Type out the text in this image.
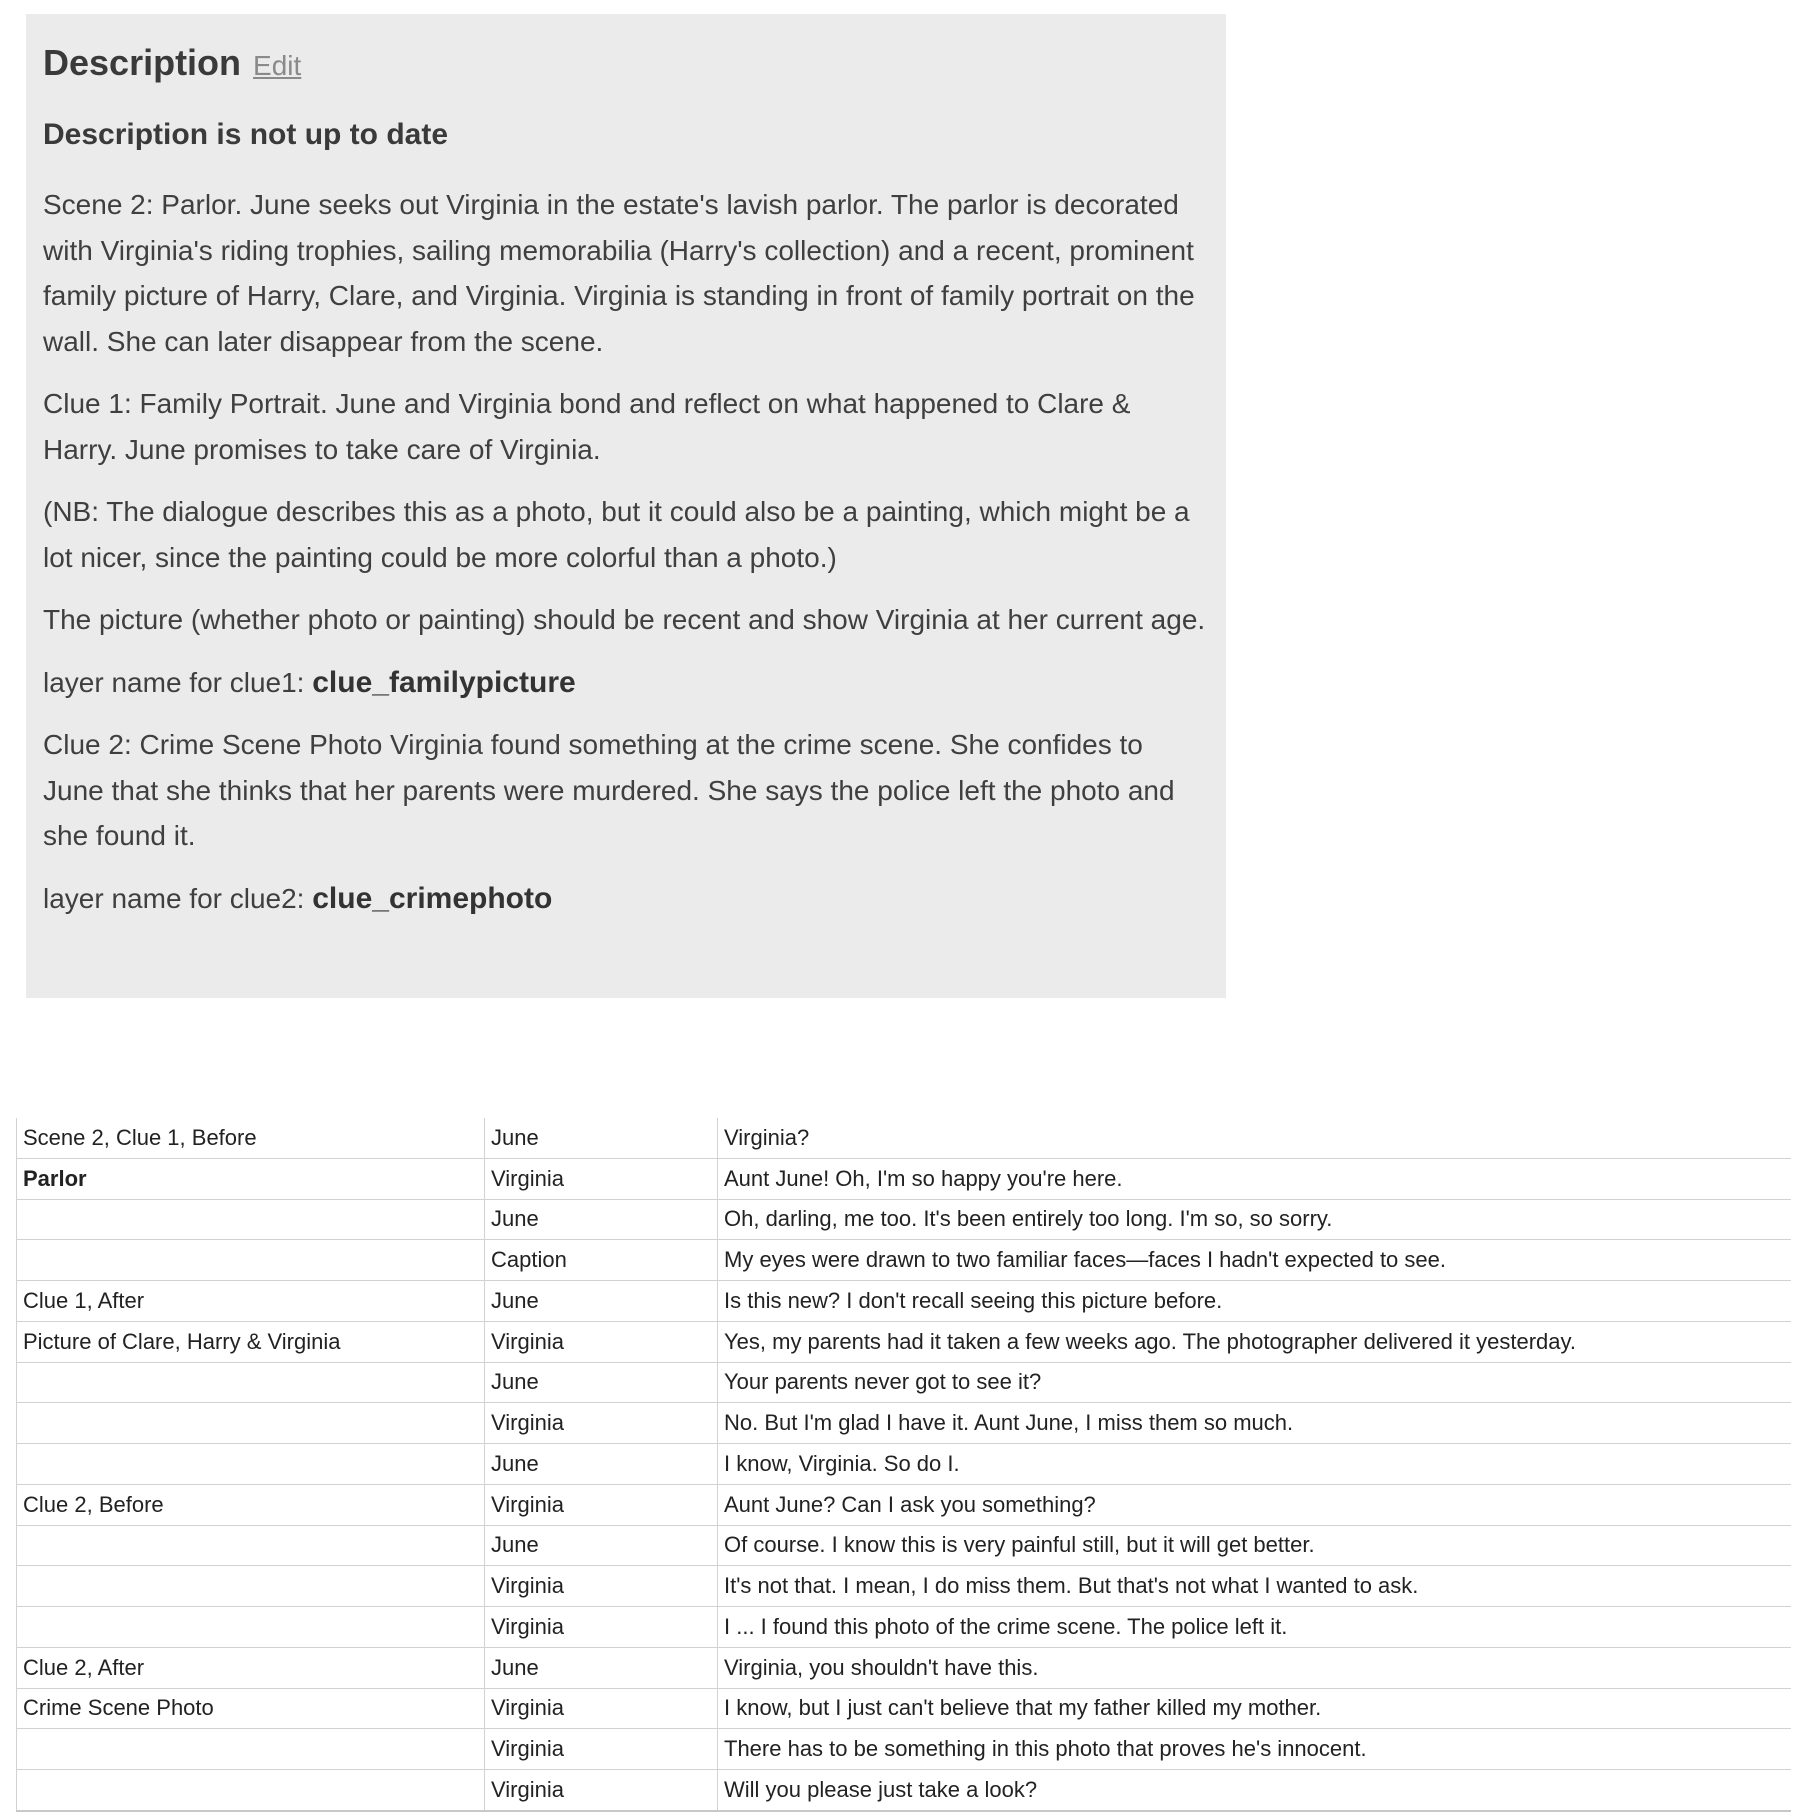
Description Edit
Description is not up to date

Scene 2: Parlor. June seeks out Virginia in the estate's lavish parlor. The parlor is decorated with Virginia's riding trophies, sailing memorabilia (Harry's collection) and a recent, prominent family picture of Harry, Clare, and Virginia. Virginia is standing in front of family portrait on the wall. She can later disappear from the scene.

Clue 1: Family Portrait. June and Virginia bond and reflect on what happened to Clare & Harry. June promises to take care of Virginia.

(NB: The dialogue describes this as a photo, but it could also be a painting, which might be a lot nicer, since the painting could be more colorful than a photo.)

The picture (whether photo or painting) should be recent and show Virginia at her current age.

layer name for clue1: clue_familypicture

Clue 2: Crime Scene Photo Virginia found something at the crime scene. She confides to June that she thinks that her parents were murdered. She says the police left the photo and she found it.

layer name for clue2: clue_crimephoto

Scene 2, Clue 1, Before	June	Virginia?
Parlor	Virginia	Aunt June! Oh, I'm so happy you're here.
	June	Oh, darling, me too. It's been entirely too long. I'm so, so sorry.
	Caption	My eyes were drawn to two familiar faces—faces I hadn't expected to see.
Clue 1, After	June	Is this new? I don't recall seeing this picture before.
Picture of Clare, Harry & Virginia	Virginia	Yes, my parents had it taken a few weeks ago. The photographer delivered it yesterday.
	June	Your parents never got to see it?
	Virginia	No. But I'm glad I have it. Aunt June, I miss them so much.
	June	I know, Virginia. So do I.
Clue 2, Before	Virginia	Aunt June? Can I ask you something?
	June	Of course. I know this is very painful still, but it will get better.
	Virginia	It's not that. I mean, I do miss them. But that's not what I wanted to ask.
	Virginia	I ... I found this photo of the crime scene. The police left it.
Clue 2, After	June	Virginia, you shouldn't have this.
Crime Scene Photo	Virginia	I know, but I just can't believe that my father killed my mother.
	Virginia	There has to be something in this photo that proves he's innocent.
	Virginia	Will you please just take a look?
